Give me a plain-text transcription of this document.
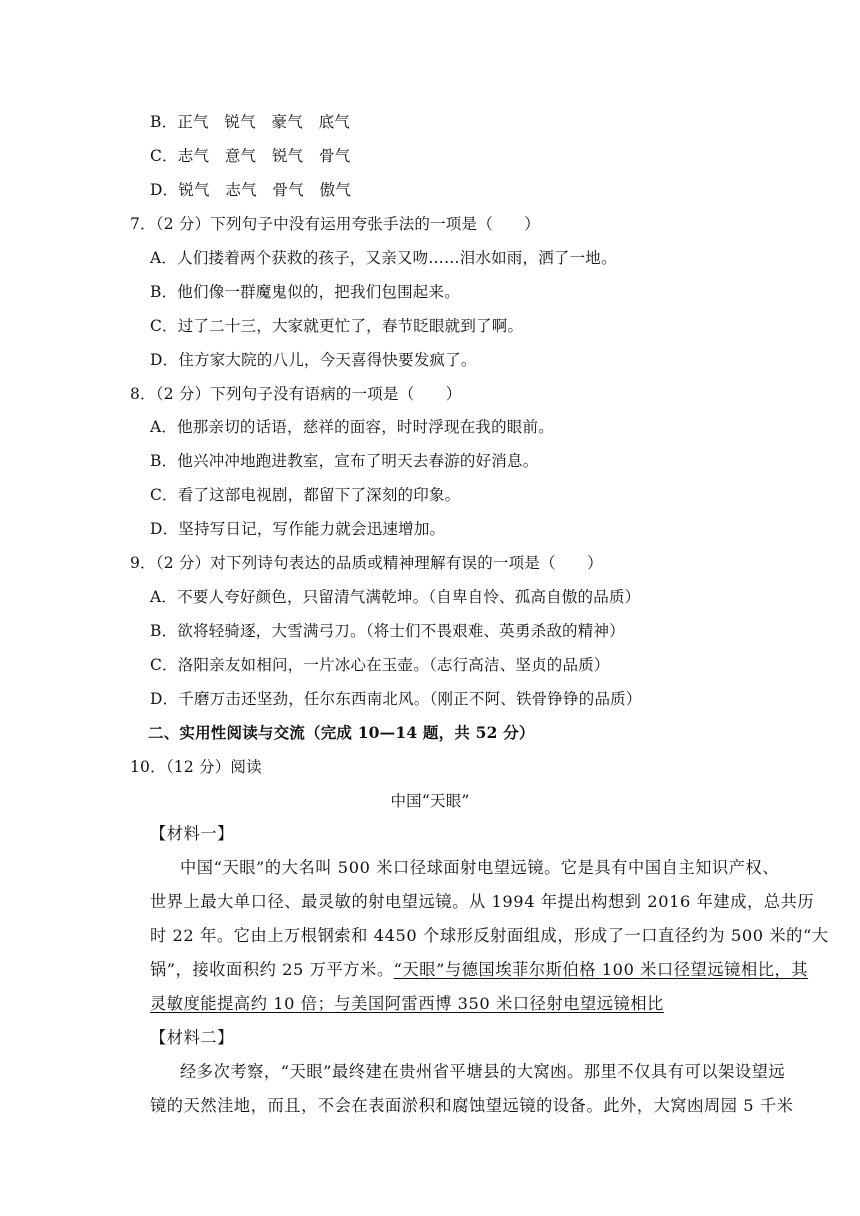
B．正气　锐气　豪气　底气
C．志气　意气　锐气　骨气
D．锐气　志气　骨气　傲气
7．（2 分）下列句子中没有运用夸张手法的一项是（　　）
A．人们搂着两个获救的孩子，又亲又吻……泪水如雨，洒了一地。
B．他们像一群魔鬼似的，把我们包围起来。
C．过了二十三，大家就更忙了，春节眨眼就到了啊。
D．住方家大院的八儿，今天喜得快要发疯了。
8．（2 分）下列句子没有语病的一项是（　　）
A．他那亲切的话语，慈祥的面容，时时浮现在我的眼前。
B．他兴冲冲地跑进教室，宣布了明天去春游的好消息。
C．看了这部电视剧，都留下了深刻的印象。
D．坚持写日记，写作能力就会迅速增加。
9．（2 分）对下列诗句表达的品质或精神理解有误的一项是（　　）
A．不要人夸好颜色，只留清气满乾坤。（自卑自怜、孤高自傲的品质）
B．欲将轻骑逐，大雪满弓刀。（将士们不畏艰难、英勇杀敌的精神）
C．洛阳亲友如相问，一片冰心在玉壶。（志行高洁、坚贞的品质）
D．千磨万击还坚劲，任尔东西南北风。（刚正不阿、铁骨铮铮的品质）
二、实用性阅读与交流（完成 10—14 题，共 52 分）
10．（12 分）阅读
中国“天眼”
【材料一】
中国“天眼”的大名叫 500 米口径球面射电望远镜。它是具有中国自主知识产权、
世界上最大单口径、最灵敏的射电望远镜。从 1994 年提出构想到 2016 年建成，总共历
时 22 年。它由上万根钢索和 4450 个球形反射面组成，形成了一口直径约为 500 米的“大
锅”，接收面积约 25 万平方米。“天眼”与德国埃菲尔斯伯格 100 米口径望远镜相比，其
灵敏度能提高约 10 倍；与美国阿雷西博 350 米口径射电望远镜相比
【材料二】
经多次考察，“天眼”最终建在贵州省平塘县的大窝凼。那里不仅具有可以架设望远
镜的天然洼地，而且，不会在表面淤积和腐蚀望远镜的设备。此外，大窝凼周园 5 千米
